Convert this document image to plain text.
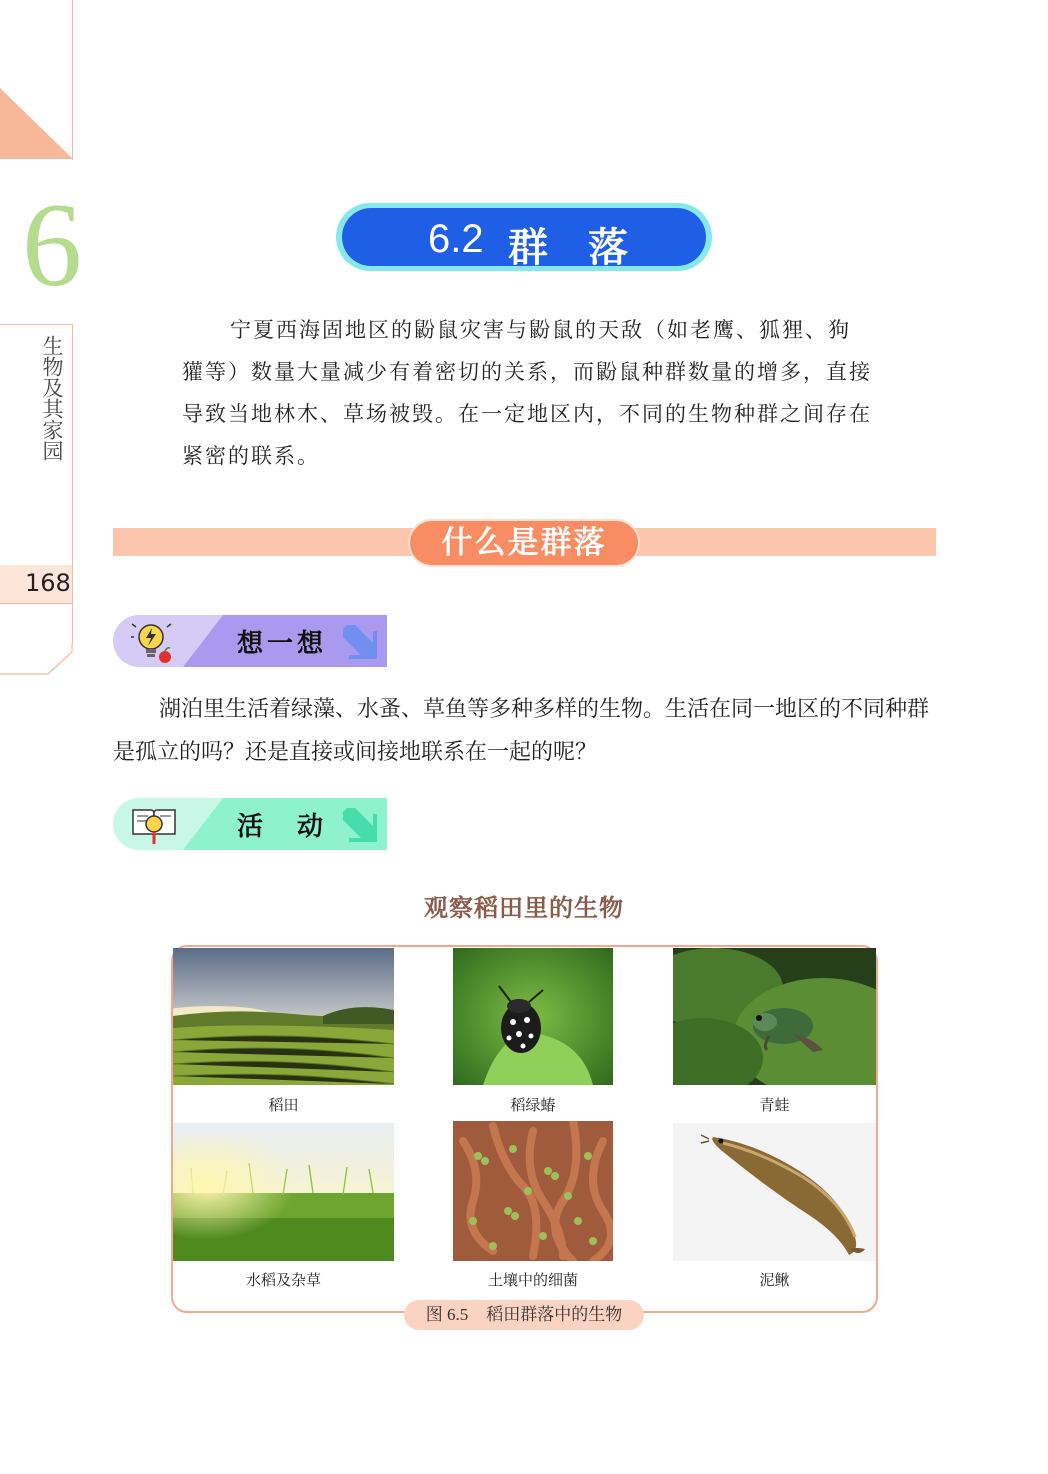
6
生物及其家园
168
6.2 群落

宁夏西海固地区的鼢鼠灾害与鼢鼠的天敌（如老鹰、狐狸、狗獾等）数量大量减少有着密切的关系，而鼢鼠种群数量的增多，直接导致当地林木、草场被毁。在一定地区内，不同的生物种群之间存在紧密的联系。

什么是群落
想一想

湖泊里生活着绿藻、水蚤、草鱼等多种多样的生物。生活在同一地区的不同种群是孤立的吗？还是直接或间接地联系在一起的呢？

活　动
观察稻田里的生物
稻田	稻绿蝽	青蛙
水稻及杂草	土壤中的细菌	泥鳅
图 6.5 稻田群落中的生物
